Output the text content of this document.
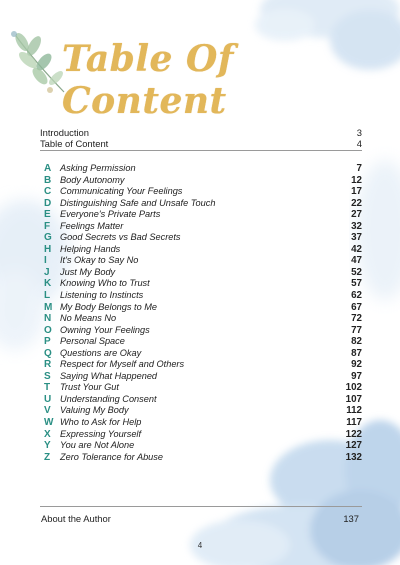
Table Of Content
Introduction	3
Table of Content	4
A Asking Permission	7
B Body Autonomy	12
C Communicating Your Feelings	17
D Distinguishing Safe and Unsafe Touch	22
E	Everyone's Private Parts	27
F	Feelings Matter	32
G Good Secrets vs Bad Secrets	37
H Helping Hands	42
I	It's Okay to Say No	47
J	Just My Body	52
K Knowing Who to Trust	57
L	Listening to Instincts	62
M My Body Belongs to Me	67
N No Means No	72
O Owning Your Feelings	77
P	Personal Space	82
Q Questions are Okay	87
R Respect for Myself and Others	92
S	Saying What Happened	97
T	Trust Your Gut	102
U Understanding Consent	107
V	Valuing My Body	112
W Who to Ask for Help	117
X	Expressing Yourself	122
Y	You are Not Alone	127
Z	Zero Tolerance for Abuse	132
About the Author	137
4
